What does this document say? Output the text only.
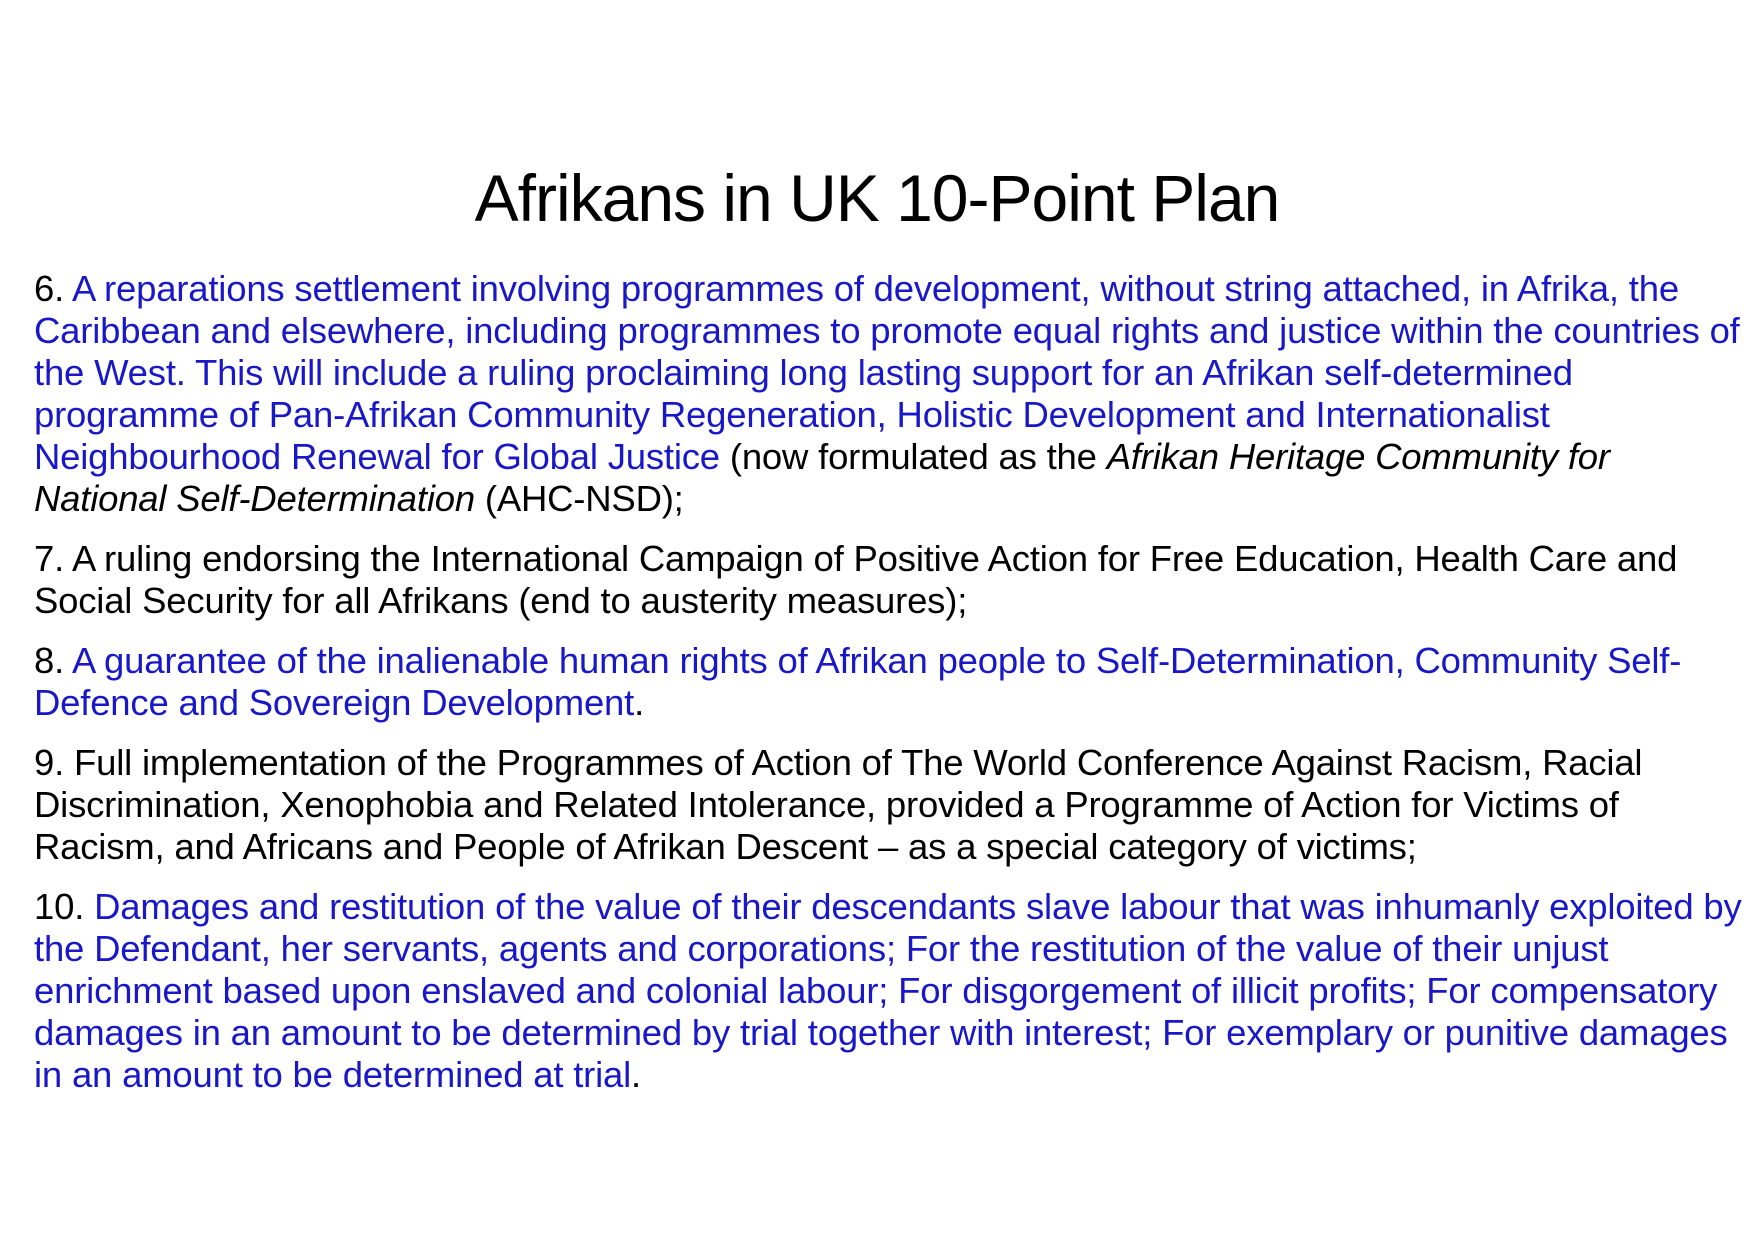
Afrikans in UK 10-Point Plan

6. A reparations settlement involving programmes of development, without string attached, in Afrika, the Caribbean and elsewhere, including programmes to promote equal rights and justice within the countries of the West. This will include a ruling proclaiming long lasting support for an Afrikan self-determined programme of Pan-Afrikan Community Regeneration, Holistic Development and Internationalist Neighbourhood Renewal for Global Justice (now formulated as the Afrikan Heritage Community for National Self-Determination (AHC-NSD);

7. A ruling endorsing the International Campaign of Positive Action for Free Education, Health Care and Social Security for all Afrikans (end to austerity measures);

8. A guarantee of the inalienable human rights of Afrikan people to Self-Determination, Community Self-Defence and Sovereign Development.

9. Full implementation of the Programmes of Action of The World Conference Against Racism, Racial Discrimination, Xenophobia and Related Intolerance, provided a Programme of Action for Victims of Racism, and Africans and People of Afrikan Descent – as a special category of victims;

10. Damages and restitution of the value of their descendants slave labour that was inhumanly exploited by the Defendant, her servants, agents and corporations; For the restitution of the value of their unjust enrichment based upon enslaved and colonial labour; For disgorgement of illicit profits; For compensatory damages in an amount to be determined by trial together with interest; For exemplary or punitive damages in an amount to be determined at trial.
